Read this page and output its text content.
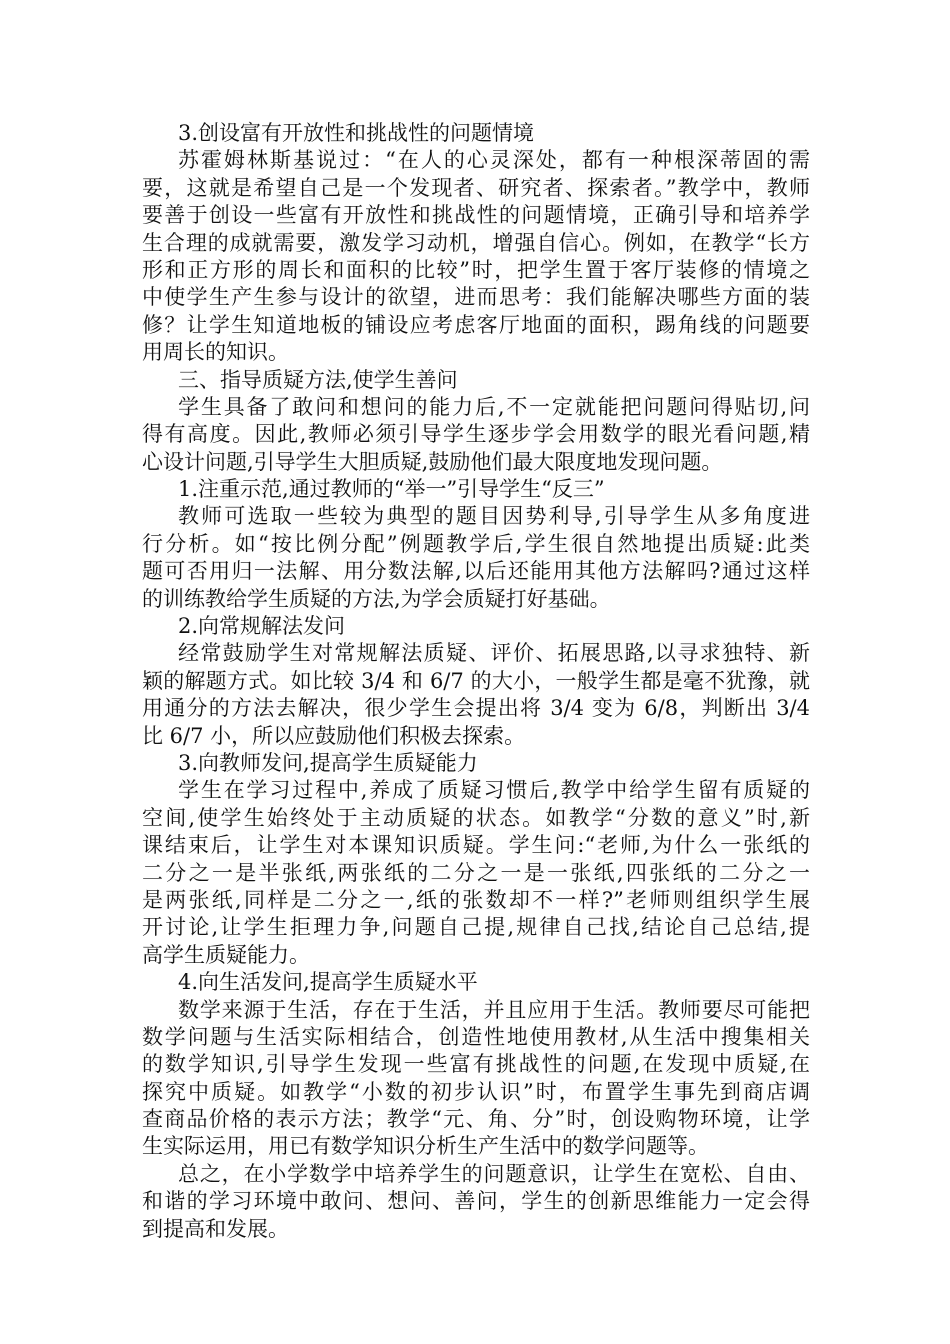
3.创设富有开放性和挑战性的问题情境
苏霍姆林斯基说过：“在人的心灵深处，都有一种根深蒂固的需
要，这就是希望自己是一个发现者、研究者、探索者。”教学中，教师
要善于创设一些富有开放性和挑战性的问题情境，正确引导和培养学
生合理的成就需要，激发学习动机，增强自信心。例如，在教学“长方
形和正方形的周长和面积的比较”时，把学生置于客厅装修的情境之
中使学生产生参与设计的欲望，进而思考：我们能解决哪些方面的装
修？让学生知道地板的铺设应考虑客厅地面的面积，踢角线的问题要
用周长的知识。
三、指导质疑方法,使学生善问
学生具备了敢问和想问的能力后,不一定就能把问题问得贴切,问
得有高度。因此,教师必须引导学生逐步学会用数学的眼光看问题,精
心设计问题,引导学生大胆质疑,鼓励他们最大限度地发现问题。
1.注重示范,通过教师的“举一”引导学生“反三”
教师可选取一些较为典型的题目因势利导,引导学生从多角度进
行分析。如“按比例分配”例题教学后,学生很自然地提出质疑:此类
题可否用归一法解、用分数法解,以后还能用其他方法解吗?通过这样
的训练教给学生质疑的方法,为学会质疑打好基础。
2.向常规解法发问
经常鼓励学生对常规解法质疑、评价、拓展思路,以寻求独特、新
颖的解题方式。如比较 3/4 和 6/7 的大小，一般学生都是毫不犹豫，就
用通分的方法去解决，很少学生会提出将 3/4 变为 6/8，判断出 3/4
比 6/7 小，所以应鼓励他们积极去探索。
3.向教师发问,提高学生质疑能力
学生在学习过程中,养成了质疑习惯后,教学中给学生留有质疑的
空间,使学生始终处于主动质疑的状态。如教学“分数的意义”时,新
课结束后，让学生对本课知识质疑。学生问:“老师,为什么一张纸的
二分之一是半张纸,两张纸的二分之一是一张纸,四张纸的二分之一
是两张纸,同样是二分之一,纸的张数却不一样?”老师则组织学生展
开讨论,让学生拒理力争,问题自己提,规律自己找,结论自己总结,提
高学生质疑能力。
4.向生活发问,提高学生质疑水平
数学来源于生活，存在于生活，并且应用于生活。教师要尽可能把
数学问题与生活实际相结合，创造性地使用教材,从生活中搜集相关
的数学知识,引导学生发现一些富有挑战性的问题,在发现中质疑,在
探究中质疑。如教学“小数的初步认识”时，布置学生事先到商店调
查商品价格的表示方法；教学“元、角、分”时，创设购物环境，让学
生实际运用，用已有数学知识分析生产生活中的数学问题等。
总之，在小学数学中培养学生的问题意识，让学生在宽松、自由、
和谐的学习环境中敢问、想问、善问，学生的创新思维能力一定会得
到提高和发展。
